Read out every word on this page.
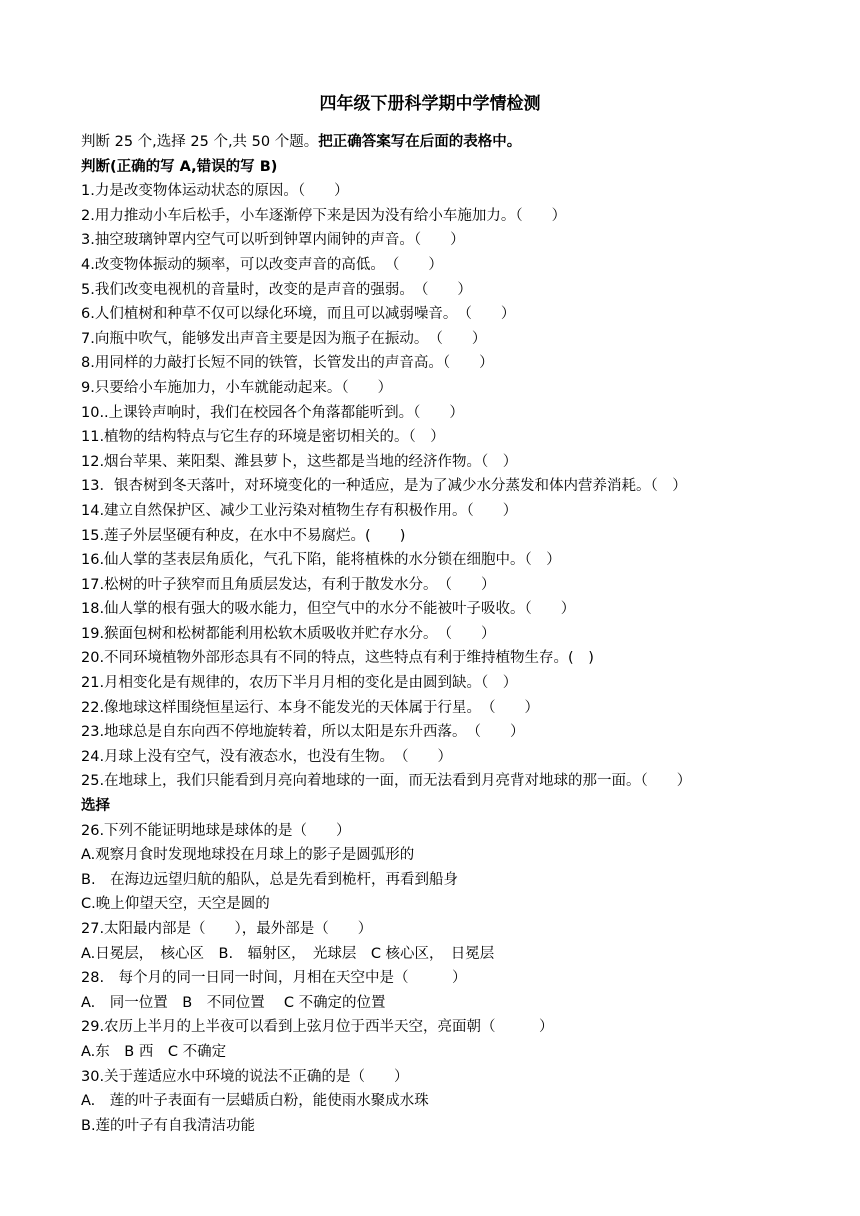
四年级下册科学期中学情检测
判断 25 个,选择 25 个,共 50 个题。把正确答案写在后面的表格中。
判断(正确的写 A,错误的写 B)
1.力是改变物体运动状态的原因。（　　）
2.用力推动小车后松手，小车逐渐停下来是因为没有给小车施加力。（　　）
3.抽空玻璃钟罩内空气可以听到钟罩内闹钟的声音。（　　）
4.改变物体振动的频率，可以改变声音的高低。　（　　）
5.我们改变电视机的音量时，改变的是声音的强弱。　（　　）
6.人们植树和种草不仅可以绿化环境，而且可以减弱噪音。　（　　）
7.向瓶中吹气，能够发出声音主要是因为瓶子在振动。　（　　）
8.用同样的力敲打长短不同的铁管，长管发出的声音高。（　　）
9.只要给小车施加力，小车就能动起来。（　　）
10..上课铃声响时，我们在校园各个角落都能听到。（　　）
11.植物的结构特点与它生存的环境是密切相关的。（　）
12.烟台苹果、莱阳梨、潍县萝卜，这些都是当地的经济作物。（　）
13．银杏树到冬天落叶，对环境变化的一种适应，是为了减少水分蒸发和体内营养消耗。（　）
14.建立自然保护区、减少工业污染对植物生存有积极作用。（　　）
15.莲子外层坚硬有种皮，在水中不易腐烂。(　　)
16.仙人掌的茎表层角质化，气孔下陷，能将植株的水分锁在细胞中。（　）
17.松树的叶子狭窄而且角质层发达，有利于散发水分。　（　　）
18.仙人掌的根有强大的吸水能力，但空气中的水分不能被叶子吸收。（　　）
19.猴面包树和松树都能利用松软木质吸收并贮存水分。　（　　）
20.不同环境植物外部形态具有不同的特点，这些特点有利于维持植物生存。(　)
21.月相变化是有规律的，农历下半月月相的变化是由圆到缺。（　）
22.像地球这样围绕恒星运行、本身不能发光的天体属于行星。　（　　）
23.地球总是自东向西不停地旋转着，所以太阳是东升西落。　（　　）
24.月球上没有空气，没有液态水，也没有生物。　（　　）
25.在地球上，我们只能看到月亮向着地球的一面，而无法看到月亮背对地球的那一面。（　　）
选择
26.下列不能证明地球是球体的是（　　）
A.观察月食时发现地球投在月球上的影子是圆弧形的
B.　在海边远望归航的船队，总是先看到桅杆，再看到船身
C.晚上仰望天空，天空是圆的
27.太阳最内部是（　　），最外部是（　　）
A.日冕层，　核心区　B.　辐射区，　光球层　C 核心区，　日冕层
28.　每个月的同一日同一时间，月相在天空中是（　　　）
A.　同一位置　B　不同位置　 C 不确定的位置
29.农历上半月的上半夜可以看到上弦月位于西半天空，亮面朝（　　　）
A.东　B 西　C 不确定
30.关于莲适应水中环境的说法不正确的是（　　）
A.　莲的叶子表面有一层蜡质白粉，能使雨水聚成水珠
B.莲的叶子有自我清洁功能
